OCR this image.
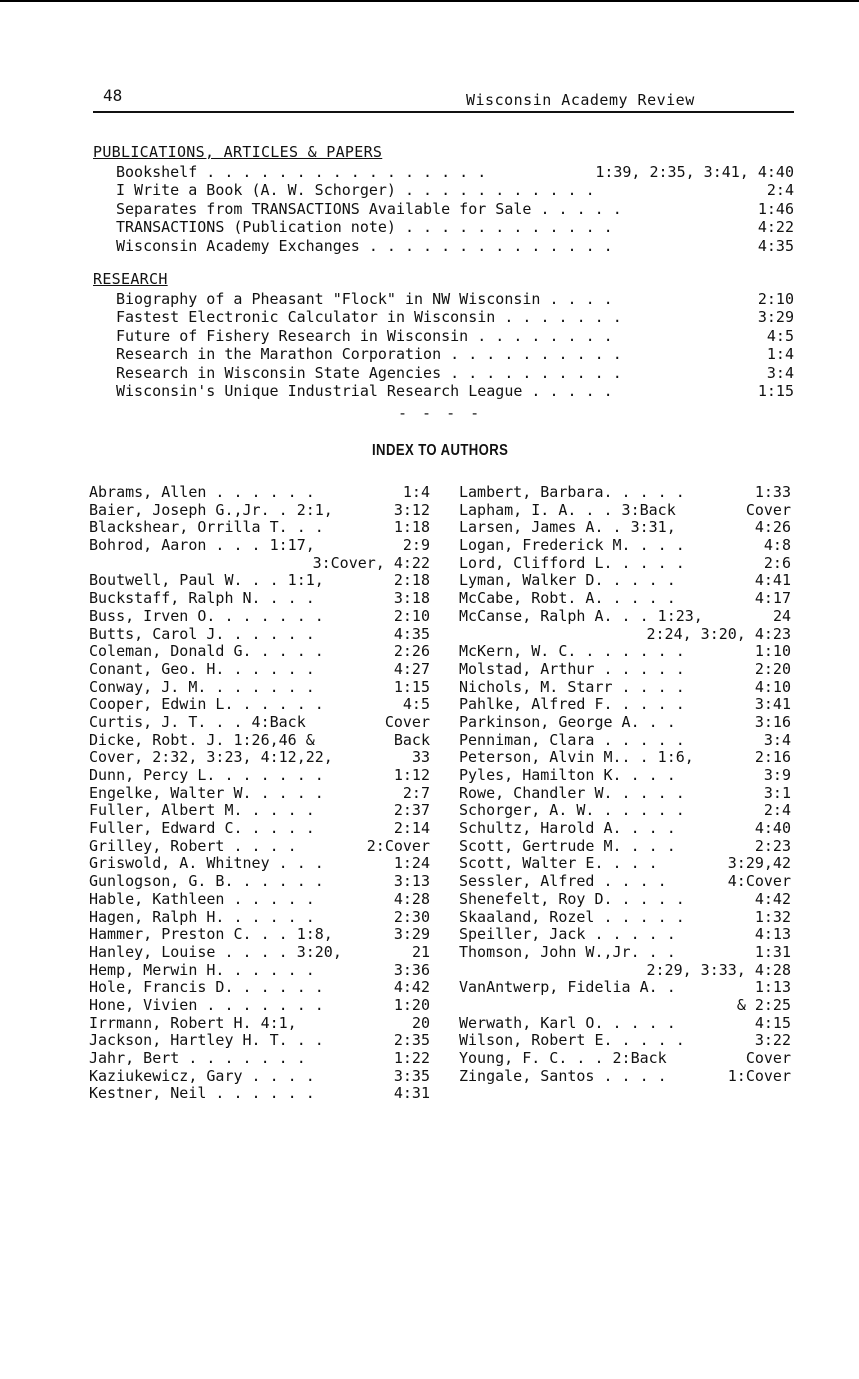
48	Wisconsin Academy Review
PUBLICATIONS, ARTICLES & PAPERS
Bookshelf . . . . . . . . . . . . . . . .	1:39, 2:35, 3:41, 4:40
I Write a Book (A. W. Schorger) . . . . . . . . . . .	2:4
Separates from TRANSACTIONS Available for Sale . . . . .	1:46
TRANSACTIONS (Publication note) . . . . . . . . . . . .	4:22
Wisconsin Academy Exchanges . . . . . . . . . . . . . .	4:35
RESEARCH
Biography of a Pheasant "Flock" in NW Wisconsin . . . .	2:10
Fastest Electronic Calculator in Wisconsin . . . . . . .	3:29
Future of Fishery Research in Wisconsin . . . . . . . .	4:5
Research in the Marathon Corporation . . . . . . . . . .	1:4
Research in Wisconsin State Agencies . . . . . . . . . .	3:4
Wisconsin's Unique Industrial Research League . . . . .	1:15
- - - -
INDEX TO AUTHORS
Abrams, Allen . . . . . .	1:4
Baier, Joseph G.,Jr. . 2:1,	3:12
Blackshear, Orrilla T. . .	1:18
Bohrod, Aaron . . . 1:17,	2:9
3:Cover, 4:22
Boutwell, Paul W. . . 1:1,	2:18
Buckstaff, Ralph N. . . .	3:18
Buss, Irven O. . . . . . .	2:10
Butts, Carol J. . . . . .	4:35
Coleman, Donald G. . . . .	2:26
Conant, Geo. H. . . . . .	4:27
Conway, J. M. . . . . . .	1:15
Cooper, Edwin L. . . . . .	4:5
Curtis, J. T. . . 4:Back	Cover
Dicke, Robt. J. 1:26,46 &	Back
Cover, 2:32, 3:23, 4:12,22,	33
Dunn, Percy L. . . . . . .	1:12
Engelke, Walter W. . . . .	2:7
Fuller, Albert M. . . . .	2:37
Fuller, Edward C. . . . .	2:14
Grilley, Robert . . . .	2:Cover
Griswold, A. Whitney . . .	1:24
Gunlogson, G. B. . . . . .	3:13
Hable, Kathleen . . . . .	4:28
Hagen, Ralph H. . . . . .	2:30
Hammer, Preston C. . . 1:8,	3:29
Hanley, Louise . . . . 3:20,	21
Hemp, Merwin H. . . . . .	3:36
Hole, Francis D. . . . . .	4:42
Hone, Vivien . . . . . . .	1:20
Irrmann, Robert H. 4:1,	20
Jackson, Hartley H. T. . .	2:35
Jahr, Bert . . . . . . .	1:22
Kaziukewicz, Gary . . . .	3:35
Kestner, Neil . . . . . .	4:31
Lambert, Barbara. . . . .	1:33
Lapham, I. A. . . 3:Back	Cover
Larsen, James A. . 3:31,	4:26
Logan, Frederick M. . . .	4:8
Lord, Clifford L. . . . .	2:6
Lyman, Walker D. . . . .	4:41
McCabe, Robt. A. . . . .	4:17
McCanse, Ralph A. . . 1:23,	24
2:24, 3:20, 4:23
McKern, W. C. . . . . . .	1:10
Molstad, Arthur . . . . .	2:20
Nichols, M. Starr . . . .	4:10
Pahlke, Alfred F. . . . .	3:41
Parkinson, George A. . .	3:16
Penniman, Clara . . . . .	3:4
Peterson, Alvin M.. . 1:6,	2:16
Pyles, Hamilton K. . . .	3:9
Rowe, Chandler W. . . . .	3:1
Schorger, A. W. . . . . .	2:4
Schultz, Harold A. . . .	4:40
Scott, Gertrude M. . . .	2:23
Scott, Walter E. . . .	3:29,42
Sessler, Alfred . . . .	4:Cover
Shenefelt, Roy D. . . . .	4:42
Skaaland, Rozel . . . . .	1:32
Speiller, Jack . . . . .	4:13
Thomson, John W.,Jr. . .	1:31
2:29, 3:33, 4:28
VanAntwerp, Fidelia A. .	1:13
& 2:25
Werwath, Karl O. . . . .	4:15
Wilson, Robert E. . . . .	3:22
Young, F. C. . . 2:Back	Cover
Zingale, Santos . . . .	1:Cover
